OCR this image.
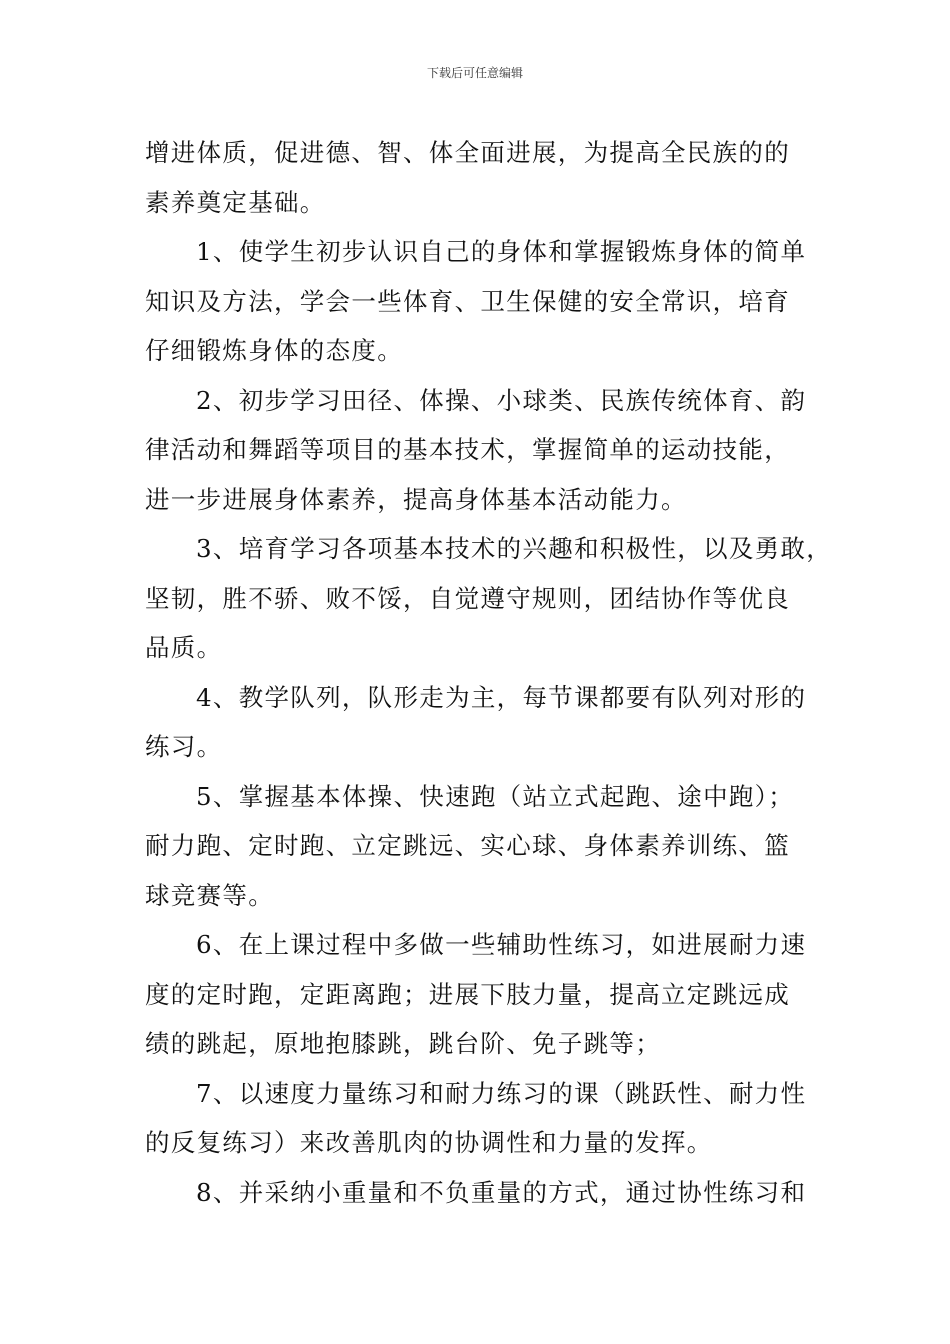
下载后可任意编辑
增进体质，促进德、智、体全面进展，为提高全民族的的
素养奠定基础。
1、使学生初步认识自己的身体和掌握锻炼身体的简单
知识及方法，学会一些体育、卫生保健的安全常识，培育
仔细锻炼身体的态度。
2、初步学习田径、体操、小球类、民族传统体育、韵
律活动和舞蹈等项目的基本技术，掌握简单的运动技能，
进一步进展身体素养，提高身体基本活动能力。
3、培育学习各项基本技术的兴趣和积极性，以及勇敢，
坚韧，胜不骄、败不馁，自觉遵守规则，团结协作等优良
品质。
4、教学队列，队形走为主，每节课都要有队列对形的
练习。
5、掌握基本体操、快速跑（站立式起跑、途中跑）；
耐力跑、定时跑、立定跳远、实心球、身体素养训练、篮
球竞赛等。
6、在上课过程中多做一些辅助性练习，如进展耐力速
度的定时跑，定距离跑；进展下肢力量，提高立定跳远成
绩的跳起，原地抱膝跳，跳台阶、免子跳等；
7、以速度力量练习和耐力练习的课（跳跃性、耐力性
的反复练习）来改善肌肉的协调性和力量的发挥。
8、并采纳小重量和不负重量的方式，通过协性练习和
